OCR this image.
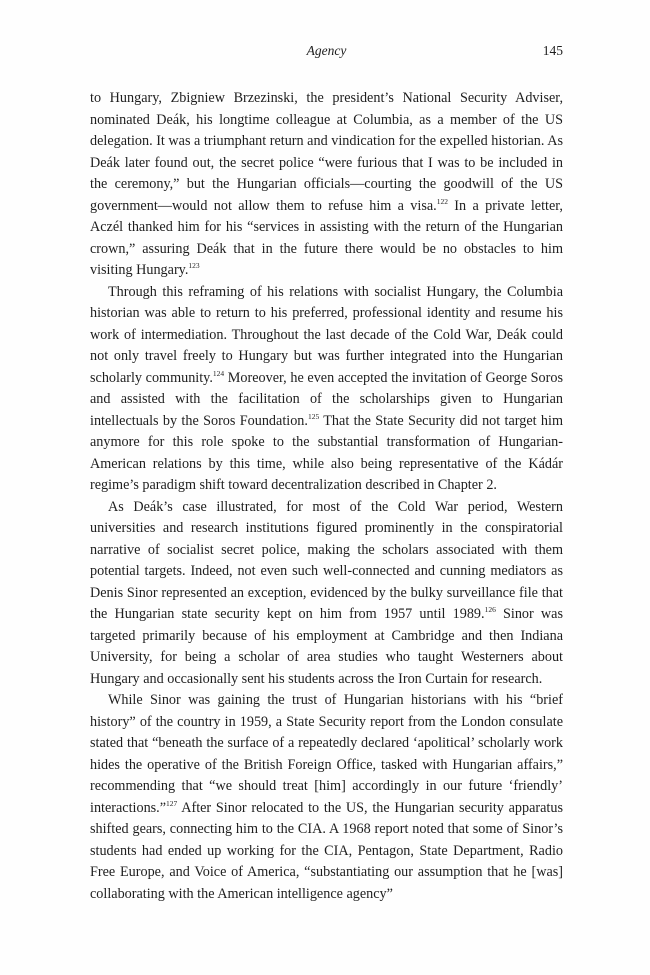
Agency	145

to Hungary, Zbigniew Brzezinski, the president’s National Security Adviser, nominated Deák, his longtime colleague at Columbia, as a member of the US delegation. It was a triumphant return and vindication for the expelled historian. As Deák later found out, the secret police “were furious that I was to be included in the ceremony,” but the Hungarian officials—courting the goodwill of the US government—would not allow them to refuse him a visa.$^{122}$ In a private letter, Aczél thanked him for his “services in assisting with the return of the Hungarian crown,” assuring Deák that in the future there would be no obstacles to him visiting Hungary.$^{123}$

Through this reframing of his relations with socialist Hungary, the Columbia historian was able to return to his preferred, professional identity and resume his work of intermediation. Throughout the last decade of the Cold War, Deák could not only travel freely to Hungary but was further integrated into the Hungarian scholarly community.$^{124}$ Moreover, he even accepted the invitation of George Soros and assisted with the facilitation of the scholarships given to Hungarian intellectuals by the Soros Foundation.$^{125}$ That the State Security did not target him anymore for this role spoke to the substantial transformation of Hungarian-American relations by this time, while also being representative of the Kádár regime’s paradigm shift toward decentralization described in Chapter 2.

As Deák’s case illustrated, for most of the Cold War period, Western universities and research institutions figured prominently in the conspiratorial narrative of socialist secret police, making the scholars associated with them potential targets. Indeed, not even such well-connected and cunning mediators as Denis Sinor represented an exception, evidenced by the bulky surveillance file that the Hungarian state security kept on him from 1957 until 1989.$^{126}$ Sinor was targeted primarily because of his employment at Cambridge and then Indiana University, for being a scholar of area studies who taught Westerners about Hungary and occasionally sent his students across the Iron Curtain for research.

While Sinor was gaining the trust of Hungarian historians with his “brief history” of the country in 1959, a State Security report from the London consulate stated that “beneath the surface of a repeatedly declared ‘apolitical’ scholarly work hides the operative of the British Foreign Office, tasked with Hungarian affairs,” recommending that “we should treat [him] accordingly in our future ‘friendly’ interactions.”$^{127}$ After Sinor relocated to the US, the Hungarian security apparatus shifted gears, connecting him to the CIA. A 1968 report noted that some of Sinor’s students had ended up working for the CIA, Pentagon, State Department, Radio Free Europe, and Voice of America, “substantiating our assumption that he [was] collaborating with the American intelligence agency”
